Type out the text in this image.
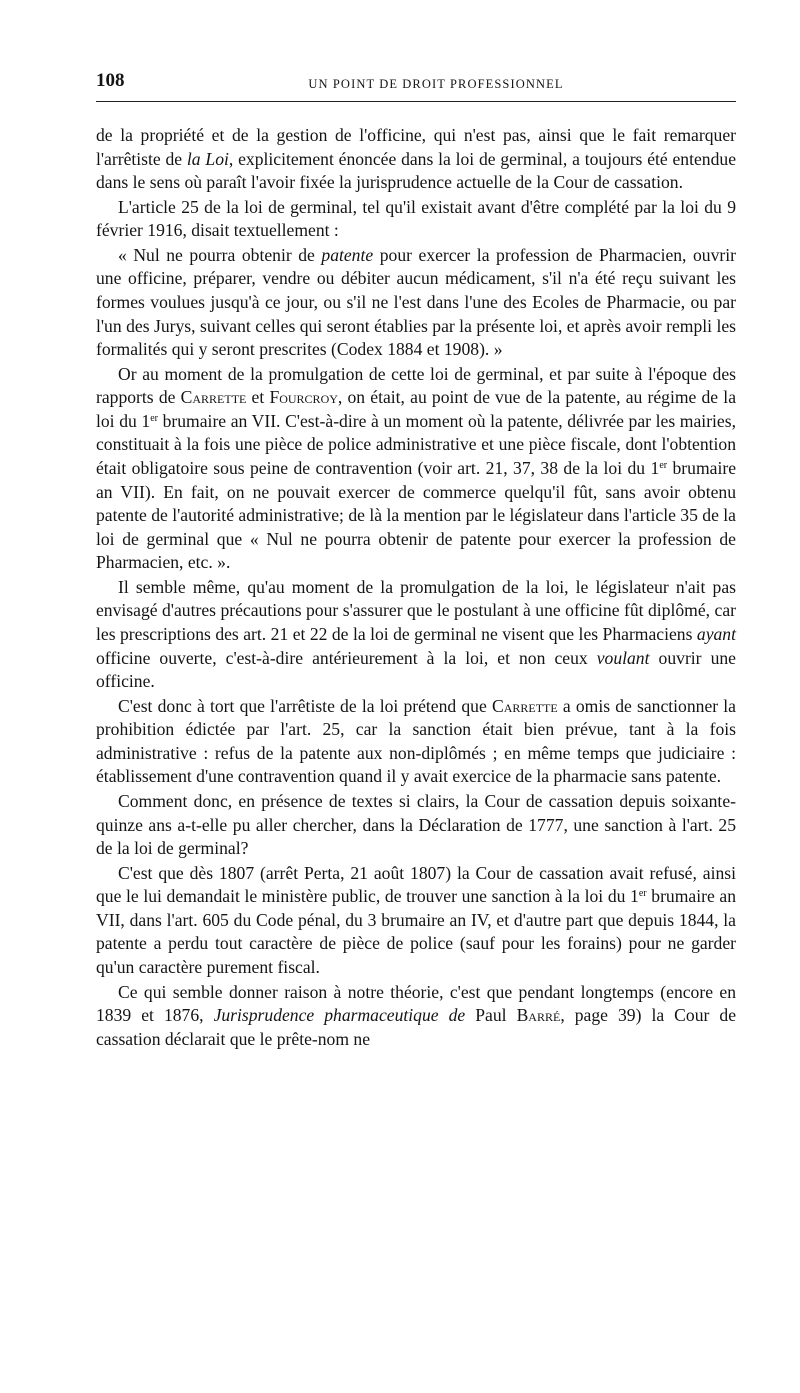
108	UN POINT DE DROIT PROFESSIONNEL

de la propriété et de la gestion de l'officine, qui n'est pas, ainsi que le fait remarquer l'arrêtiste de la Loi, explicitement énoncée dans la loi de germinal, a toujours été entendue dans le sens où paraît l'avoir fixée la jurisprudence actuelle de la Cour de cassation.

L'article 25 de la loi de germinal, tel qu'il existait avant d'être complété par la loi du 9 février 1916, disait textuellement :

« Nul ne pourra obtenir de patente pour exercer la profession de Pharmacien, ouvrir une officine, préparer, vendre ou débiter aucun médicament, s'il n'a été reçu suivant les formes voulues jusqu'à ce jour, ou s'il ne l'est dans l'une des Ecoles de Pharmacie, ou par l'un des Jurys, suivant celles qui seront établies par la présente loi, et après avoir rempli les formalités qui y seront prescrites (Codex 1884 et 1908). »

Or au moment de la promulgation de cette loi de germinal, et par suite à l'époque des rapports de Carrette et Fourcroy, on était, au point de vue de la patente, au régime de la loi du 1er brumaire an VII. C'est-à-dire à un moment où la patente, délivrée par les mairies, constituait à la fois une pièce de police administrative et une pièce fiscale, dont l'obtention était obligatoire sous peine de contravention (voir art. 21, 37, 38 de la loi du 1er brumaire an VII). En fait, on ne pouvait exercer de commerce quelqu'il fût, sans avoir obtenu patente de l'autorité administrative; de là la mention par le législateur dans l'article 35 de la loi de germinal que « Nul ne pourra obtenir de patente pour exercer la profession de Pharmacien, etc. ».

Il semble même, qu'au moment de la promulgation de la loi, le législateur n'ait pas envisagé d'autres précautions pour s'assurer que le postulant à une officine fût diplômé, car les prescriptions des art. 21 et 22 de la loi de germinal ne visent que les Pharmaciens ayant officine ouverte, c'est-à-dire antérieurement à la loi, et non ceux voulant ouvrir une officine.

C'est donc à tort que l'arrêtiste de la loi prétend que Carrette a omis de sanctionner la prohibition édictée par l'art. 25, car la sanction était bien prévue, tant à la fois administrative : refus de la patente aux non-diplômés ; en même temps que judiciaire : établissement d'une contravention quand il y avait exercice de la pharmacie sans patente.

Comment donc, en présence de textes si clairs, la Cour de cassation depuis soixante-quinze ans a-t-elle pu aller chercher, dans la Déclaration de 1777, une sanction à l'art. 25 de la loi de germinal?

C'est que dès 1807 (arrêt Perta, 21 août 1807) la Cour de cassation avait refusé, ainsi que le lui demandait le ministère public, de trouver une sanction à la loi du 1er brumaire an VII, dans l'art. 605 du Code pénal, du 3 brumaire an IV, et d'autre part que depuis 1844, la patente a perdu tout caractère de pièce de police (sauf pour les forains) pour ne garder qu'un caractère purement fiscal.

Ce qui semble donner raison à notre théorie, c'est que pendant longtemps (encore en 1839 et 1876, Jurisprudence pharmaceutique de Paul Barré, page 39) la Cour de cassation déclarait que le prête-nom ne
